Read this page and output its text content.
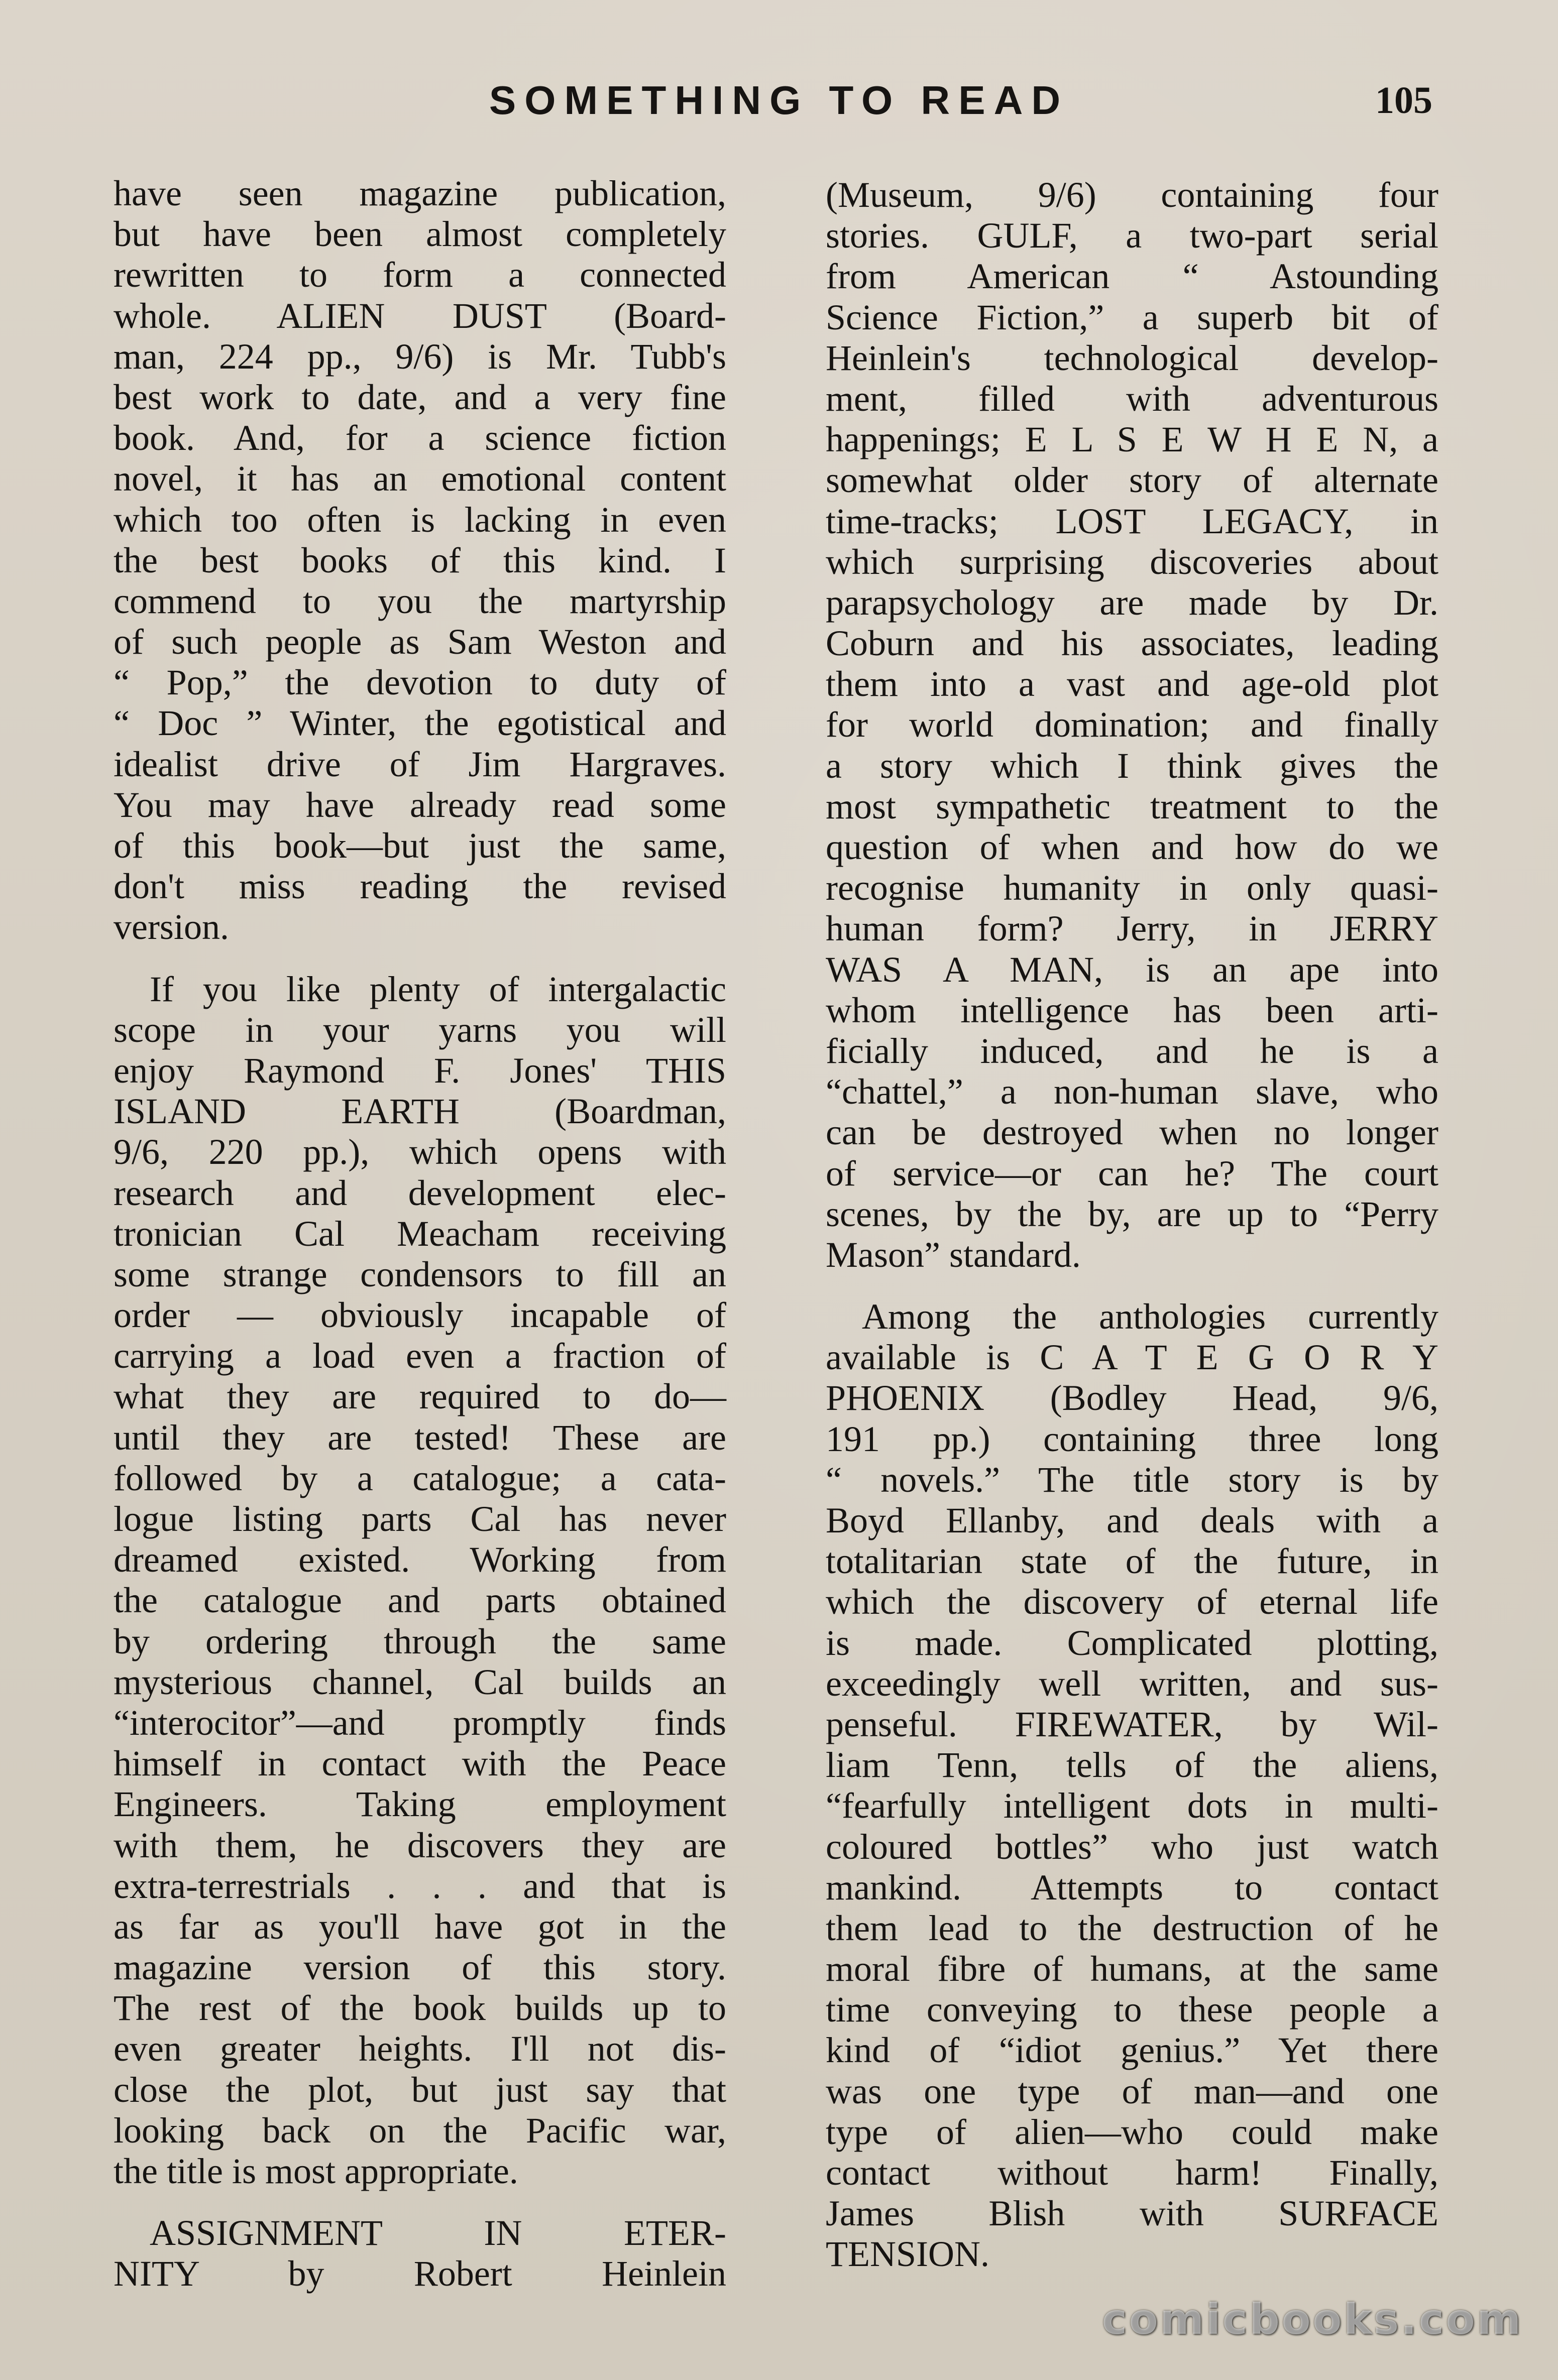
SOMETHING TO READ	105
have seen magazine publication,
but have been almost completely
rewritten to form a connected
whole. ALIEN DUST (Board-
man, 224 pp., 9/6) is Mr. Tubb's
best work to date, and a very fine
book. And, for a science fiction
novel, it has an emotional content
which too often is lacking in even
the best books of this kind. I
commend to you the martyrship
of such people as Sam Weston and
“ Pop,” the devotion to duty of
“ Doc ” Winter, the egotistical and
idealist drive of Jim Hargraves.
You may have already read some
of this book—but just the same,
don't miss reading the revised
version.
If you like plenty of intergalactic
scope in your yarns you will
enjoy Raymond F. Jones' THIS
ISLAND EARTH (Boardman,
9/6, 220 pp.), which opens with
research and development elec-
tronician Cal Meacham receiving
some strange condensors to fill an
order — obviously incapable of
carrying a load even a fraction of
what they are required to do—
until they are tested! These are
followed by a catalogue; a cata-
logue listing parts Cal has never
dreamed existed. Working from
the catalogue and parts obtained
by ordering through the same
mysterious channel, Cal builds an
“interocitor”—and promptly finds
himself in contact with the Peace
Engineers. Taking employment
with them, he discovers they are
extra-terrestrials . . . and that is
as far as you'll have got in the
magazine version of this story.
The rest of the book builds up to
even greater heights. I'll not dis-
close the plot, but just say that
looking back on the Pacific war,
the title is most appropriate.
ASSIGNMENT IN ETER-
NITY by Robert Heinlein
(Museum, 9/6) containing four
stories. GULF, a two-part serial
from American “ Astounding
Science Fiction,” a superb bit of
Heinlein's technological develop-
ment, filled with adventurous
happenings; E L S E W H E N, a
somewhat older story of alternate
time-tracks; LOST LEGACY, in
which surprising discoveries about
parapsychology are made by Dr.
Coburn and his associates, leading
them into a vast and age-old plot
for world domination; and finally
a story which I think gives the
most sympathetic treatment to the
question of when and how do we
recognise humanity in only quasi-
human form? Jerry, in JERRY
WAS A MAN, is an ape into
whom intelligence has been arti-
ficially induced, and he is a
“chattel,” a non-human slave, who
can be destroyed when no longer
of service—or can he? The court
scenes, by the by, are up to “Perry
Mason” standard.
Among the anthologies currently
available is C A T E G O R Y
PHOENIX (Bodley Head, 9/6,
191 pp.) containing three long
“ novels.” The title story is by
Boyd Ellanby, and deals with a
totalitarian state of the future, in
which the discovery of eternal life
is made. Complicated plotting,
exceedingly well written, and sus-
penseful. FIREWATER, by Wil-
liam Tenn, tells of the aliens,
“fearfully intelligent dots in multi-
coloured bottles” who just watch
mankind. Attempts to contact
them lead to the destruction of he
moral fibre of humans, at the same
time conveying to these people a
kind of “idiot genius.” Yet there
was one type of man—and one
type of alien—who could make
contact without harm! Finally,
James Blish with SURFACE
TENSION.
comicbooks.com
